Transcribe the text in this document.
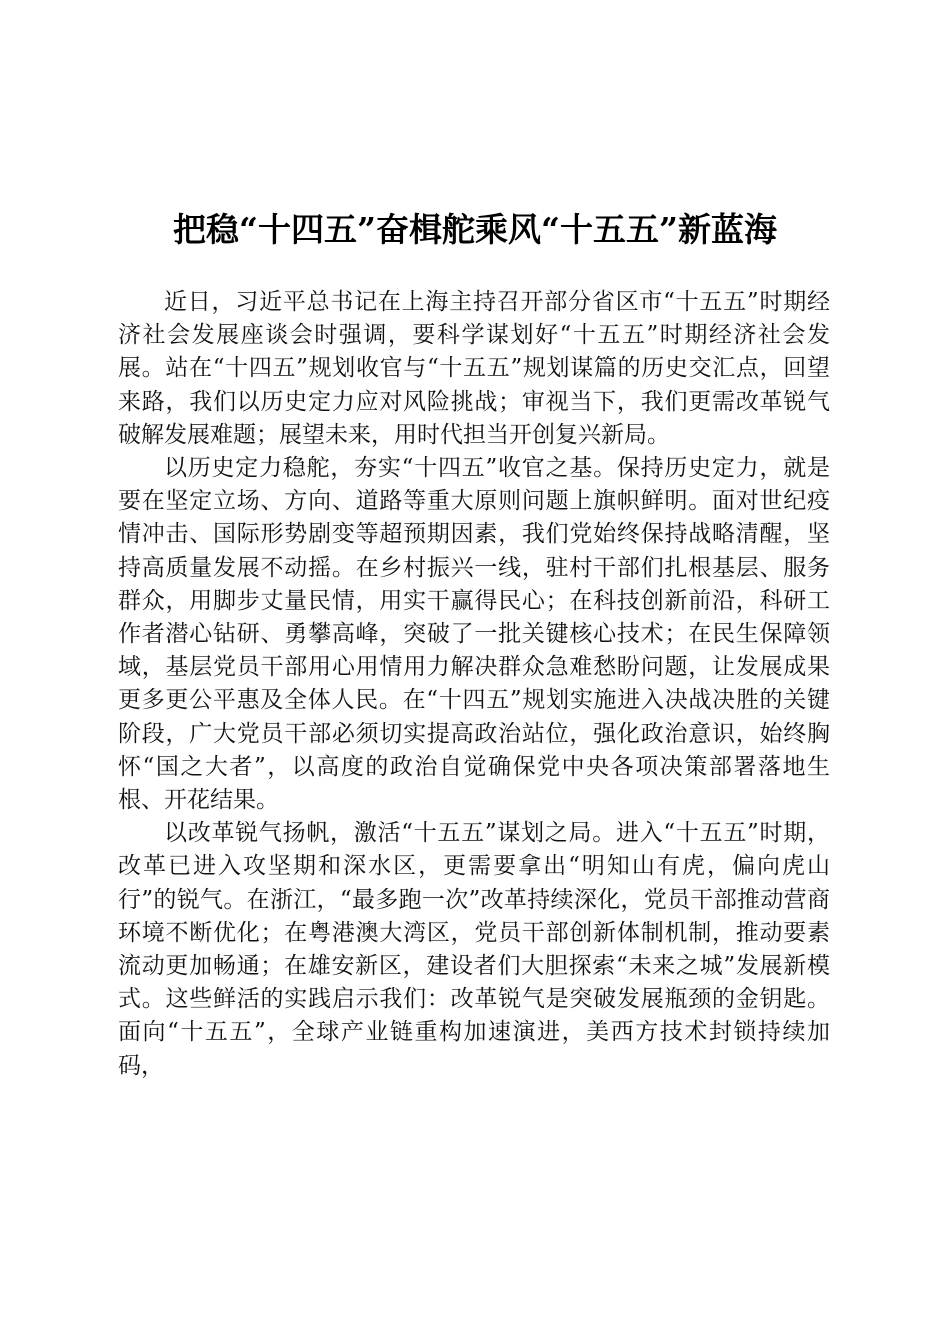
把稳“十四五”奋楫舵乘风“十五五”新蓝海

近日，习近平总书记在上海主持召开部分省区市“十五五”时期经济社会发展座谈会时强调，要科学谋划好“十五五”时期经济社会发展。站在“十四五”规划收官与“十五五”规划谋篇的历史交汇点，回望来路，我们以历史定力应对风险挑战；审视当下，我们更需改革锐气破解发展难题；展望未来，用时代担当开创复兴新局。

以历史定力稳舵，夯实“十四五”收官之基。保持历史定力，就是要在坚定立场、方向、道路等重大原则问题上旗帜鲜明。面对世纪疫情冲击、国际形势剧变等超预期因素，我们党始终保持战略清醒，坚持高质量发展不动摇。在乡村振兴一线，驻村干部们扎根基层、服务群众，用脚步丈量民情，用实干赢得民心；在科技创新前沿，科研工作者潜心钻研、勇攀高峰，突破了一批关键核心技术；在民生保障领域，基层党员干部用心用情用力解决群众急难愁盼问题，让发展成果更多更公平惠及全体人民。在“十四五”规划实施进入决战决胜的关键阶段，广大党员干部必须切实提高政治站位，强化政治意识，始终胸怀“国之大者”，以高度的政治自觉确保党中央各项决策部署落地生根、开花结果。

以改革锐气扬帆，激活“十五五”谋划之局。进入“十五五”时期，改革已进入攻坚期和深水区，更需要拿出“明知山有虎，偏向虎山行”的锐气。在浙江，“最多跑一次”改革持续深化，党员干部推动营商环境不断优化；在粤港澳大湾区，党员干部创新体制机制，推动要素流动更加畅通；在雄安新区，建设者们大胆探索“未来之城”发展新模式。这些鲜活的实践启示我们：改革锐气是突破发展瓶颈的金钥匙。面向“十五五”，全球产业链重构加速演进，美西方技术封锁持续加码，
